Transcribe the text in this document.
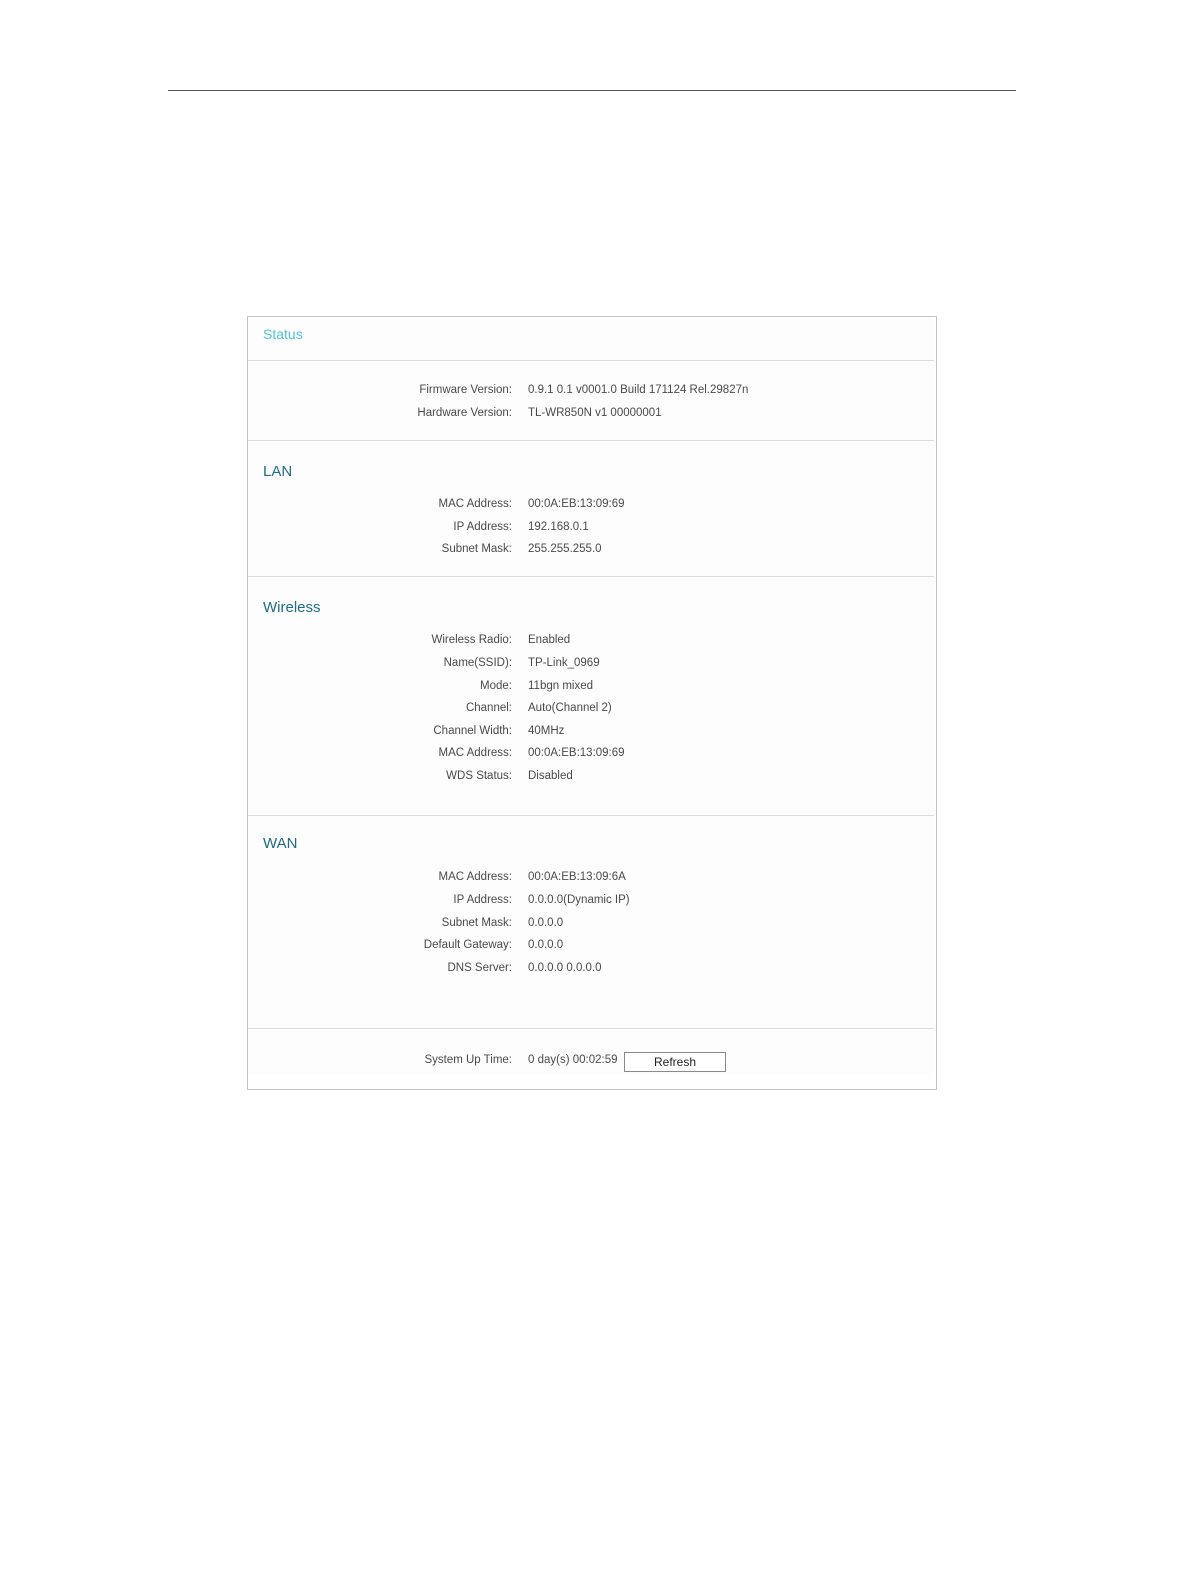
Status
Firmware Version: 0.9.1 0.1 v0001.0 Build 171124 Rel.29827n
Hardware Version: TL-WR850N v1 00000001
LAN
MAC Address: 00:0A:EB:13:09:69
IP Address: 192.168.0.1
Subnet Mask: 255.255.255.0
Wireless
Wireless Radio: Enabled
Name(SSID): TP-Link_0969
Mode: 11bgn mixed
Channel: Auto(Channel 2)
Channel Width: 40MHz
MAC Address: 00:0A:EB:13:09:69
WDS Status: Disabled
WAN
MAC Address: 00:0A:EB:13:09:6A
IP Address: 0.0.0.0(Dynamic IP)
Subnet Mask: 0.0.0.0
Default Gateway: 0.0.0.0
DNS Server: 0.0.0.0 0.0.0.0
System Up Time: 0 day(s) 00:02:59	Refresh
